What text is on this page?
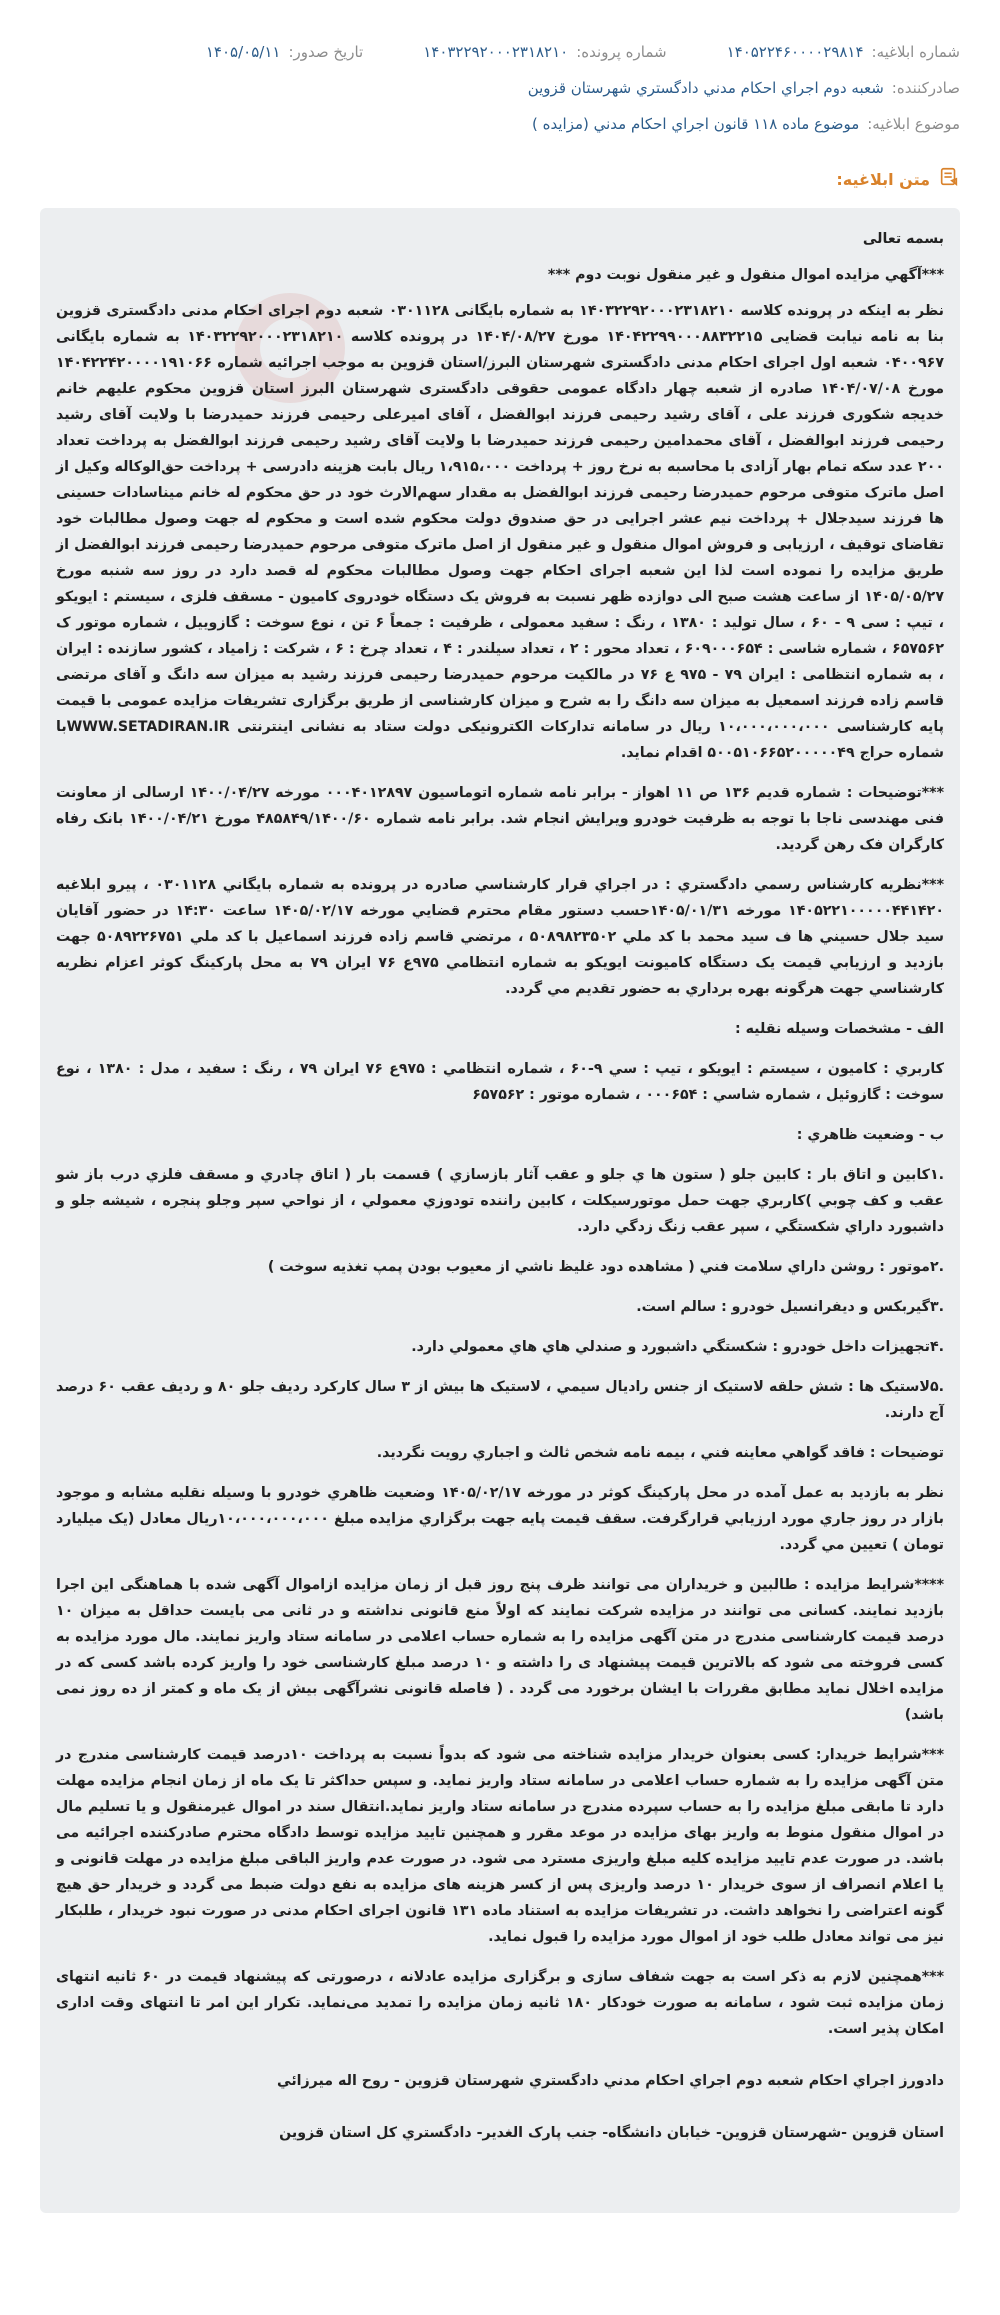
شماره ابلاغيه:
۱۴۰۵۲۲۴۶۰۰۰۰۲۹۸۱۴
شماره پرونده:
۱۴۰۳۲۲۹۲۰۰۰۲۳۱۸۲۱۰
تاريخ صدور:
۱۴۰۵/۰۵/۱۱
صادرکننده:
شعبه دوم اجراي احکام مدني دادگستري شهرستان قزوين
موضوع ابلاغيه:
موضوع ماده ۱۱۸ قانون اجراي احکام مدني (مزايده )
متن ابلاغيه:

بسمه تعالی

***آگهي مزايده اموال منقول و غير منقول نوبت دوم ***

نظر به اینکه در پرونده کلاسه ۱۴۰۳۲۲۹۲۰۰۰۲۳۱۸۲۱۰ به شماره بایگانی ۰۳۰۱۱۲۸ شعبه دوم اجرای احکام مدنی دادگستری قزوین بنا به نامه نیابت قضایی ۱۴۰۴۲۲۹۹۰۰۰۸۸۳۲۲۱۵ مورخ ۱۴۰۴/۰۸/۲۷ در پرونده کلاسه ۱۴۰۳۲۲۹۲۰۰۰۲۳۱۸۲۱۰ به شماره بایگانی ۰۴۰۰۹۶۷ شعبه اول اجرای احکام مدنی دادگستری شهرستان البرز/استان قزوین به موجب اجرائیه شماره ۱۴۰۴۲۲۴۲۰۰۰۰۱۹۱۰۶۶ مورخ ۱۴۰۴/۰۷/۰۸ صادره از شعبه چهار دادگاه عمومی حقوقی دادگستری شهرستان البرز استان قزوین محکوم علیهم خانم خدیجه شکوری فرزند علی ، آقای رشید رحیمی فرزند ابوالفضل ، آقای امیرعلی رحیمی فرزند حمیدرضا با ولایت آقای رشید رحیمی فرزند ابوالفضل ، آقای محمدامین رحیمی فرزند حمیدرضا با ولایت آقای رشید رحیمی فرزند ابوالفضل به پرداخت تعداد ۲۰۰ عدد سکه تمام بهار آزادی با محاسبه به نرخ روز + پرداخت ۱،۹۱۵،۰۰۰ ریال بابت هزینه دادرسی + پرداخت حق‌الوکاله وکیل از اصل ماترک متوفی مرحوم حمیدرضا رحیمی فرزند ابوالفضل به مقدار سهم‌الارث خود در حق محکوم له خانم میناسادات حسینی ها فرزند سیدجلال + پرداخت نیم عشر اجرایی در حق صندوق دولت محکوم شده است و محکوم له جهت وصول مطالبات خود تقاضای توقیف ، ارزیابی و فروش اموال منقول و غیر منقول از اصل ماترک متوفی مرحوم حمیدرضا رحیمی فرزند ابوالفضل از طریق مزایده را نموده است لذا این شعبه اجرای احکام جهت وصول مطالبات محکوم له قصد دارد در روز سه شنبه مورخ ۱۴۰۵/۰۵/۲۷ از ساعت هشت صبح الی دوازده ظهر نسبت به فروش یک دستگاه خودروی کامیون - مسقف فلزی ، سیستم : ایویکو ، تیپ : سی ۹ - ۶۰ ، سال تولید : ۱۳۸۰ ، رنگ : سفید معمولی ، ظرفیت : جمعاً ۶ تن ، نوع سوخت : گازوییل ، شماره موتور ک ۶۵۷۵۶۲ ، شماره شاسی : ۶۰۹۰۰۰۶۵۴ ، تعداد محور : ۲ ، تعداد سیلندر : ۴ ، تعداد چرخ : ۶ ، شرکت : زامیاد ، کشور سازنده : ایران ، به شماره انتظامی : ایران ۷۹ - ۹۷۵ ع ۷۶ در مالکیت مرحوم حمیدرضا رحیمی فرزند رشید به میزان سه دانگ و آقای مرتضی قاسم زاده فرزند اسمعیل به میزان سه دانگ را به شرح و میزان کارشناسی از طریق برگزاری تشریفات مزایده عمومی با قیمت پایه کارشناسی ۱۰،۰۰۰،۰۰۰،۰۰۰ ریال در سامانه تدارکات الکترونیکی دولت ستاد به نشانی اینترنتی WWW.SETADIRAN.IRبا شماره حراج ۵۰۰۵۱۰۶۶۵۲۰۰۰۰۰۴۹ اقدام نماید.

***توضیحات : شماره قدیم ۱۳۶ ص ۱۱ اهواز - برابر نامه شماره اتوماسیون ۰۰۰۴۰۱۲۸۹۷ مورخه ۱۴۰۰/۰۴/۲۷ ارسالی از معاونت فنی مهندسی ناجا با توجه به ظرفیت خودرو ویرایش انجام شد. برابر نامه شماره ۴۸۵۸۴۹/۱۴۰۰/۶۰ مورخ ۱۴۰۰/۰۴/۲۱ بانک رفاه کارگران فک رهن گردید.

***نظريه کارشناس رسمي دادگستري : در اجراي قرار کارشناسي صادره در پرونده به شماره بايگاني ۰۳۰۱۱۲۸ ، پيرو ابلاغيه ۱۴۰۵۲۲۱۰۰۰۰۰۴۴۱۴۲۰ مورخه ۱۴۰۵/۰۱/۳۱حسب دستور مقام محترم قضايي مورخه ۱۴۰۵/۰۲/۱۷ ساعت ۱۴:۳۰ در حضور آقايان سيد جلال حسيني ها ف سيد محمد با کد ملي ۵۰۸۹۸۲۳۵۰۲ ، مرتضي قاسم زاده فرزند اسماعيل با کد ملي ۵۰۸۹۲۲۶۷۵۱ جهت بازديد و ارزيابي قيمت يک دستگاه کاميونت ايويکو به شماره انتظامي ۹۷۵ع ۷۶ ايران ۷۹ به محل پارکينگ کوثر اعزام نظريه کارشناسي جهت هرگونه بهره برداري به حضور تقديم مي گردد.

الف - مشخصات وسيله نقليه :

کاربري : کاميون ، سيستم : ايويکو ، تيپ : سي ۹-۶۰ ، شماره انتظامي : ۹۷۵ع ۷۶ ايران ۷۹ ، رنگ : سفيد ، مدل : ۱۳۸۰ ، نوع سوخت : گازوئيل ، شماره شاسي : ۰۰۰۶۵۴ ، شماره موتور : ۶۵۷۵۶۲

ب - وضعيت ظاهري :

.۱کابين و اتاق بار : کابين جلو ( ستون ها ي جلو و عقب آثار بازسازي ) قسمت بار ( اتاق چادري و مسقف فلزي درب باز شو عقب و کف چوبي )کاربري جهت حمل موتورسيکلت ، کابين راننده تودوزي معمولي ، از نواحي سپر وجلو پنجره ، شيشه جلو و داشبورد داراي شکستگي ، سپر عقب زنگ زدگي دارد.

.۲موتور : روشن داراي سلامت فني ( مشاهده دود غليظ ناشي از معيوب بودن پمپ تغذيه سوخت )

.۳گيربکس و ديفرانسيل خودرو : سالم است.

.۴تجهيزات داخل خودرو : شکستگي داشبورد و صندلي هاي هاي معمولي دارد.

.۵لاستيک ها : شش حلقه لاستيک از جنس راديال سيمي ، لاستيک ها بيش از ۳ سال کارکرد رديف جلو ۸۰ و رديف عقب ۶۰ درصد آج دارند.

توضيحات : فاقد گواهي معاينه فني ، بيمه نامه شخص ثالث و اجباري رويت نگرديد.

نظر به بازديد به عمل آمده در محل پارکينگ کوثر در مورخه ۱۴۰۵/۰۲/۱۷ وضعيت ظاهري خودرو با وسيله نقليه مشابه و موجود بازار در روز جاري مورد ارزيابي قرارگرفت. سقف قيمت پايه جهت برگزاري مزايده مبلغ ۱۰،۰۰۰،۰۰۰،۰۰۰ريال معادل (يک ميليارد تومان ) تعيين مي گردد.

****شرایط مزایده : طالبین و خریداران می توانند ظرف پنج روز قبل از زمان مزایده ازاموال آگهی شده با هماهنگی این اجرا بازدید نمایند. کسانی می توانند در مزایده شرکت نمایند که اولاً منع قانونی نداشته و در ثانی می بایست حداقل به میزان ۱۰ درصد قیمت کارشناسی مندرج در متن آگهی مزایده را به شماره حساب اعلامی در سامانه ستاد واریز نمایند. مال مورد مزایده به کسی فروخته می شود که بالاترین قیمت پیشنهاد ی را داشته و ۱۰ درصد مبلغ کارشناسی خود را واریز کرده باشد کسی که در مزایده اخلال نماید مطابق مقررات با ایشان برخورد می گردد . ( فاصله قانونی نشرآگهی بیش از یک ماه و کمتر از ده روز نمی باشد)

***شرایط خریدار: کسی بعنوان خریدار مزایده شناخته می شود که بدواً نسبت به پرداخت ۱۰درصد قیمت کارشناسی مندرج در متن آگهی مزایده را به شماره حساب اعلامی در سامانه ستاد واریز نماید. و سپس حداکثر تا یک ماه از زمان انجام مزایده مهلت دارد تا مابقی مبلغ مزایده را به حساب سپرده مندرج در سامانه ستاد واریز نماید.انتقال سند در اموال غیرمنقول و یا تسلیم مال در اموال منقول منوط به واریز بهای مزایده در موعد مقرر و همچنین تایید مزایده توسط دادگاه محترم صادرکننده اجرائیه می باشد. در صورت عدم تایید مزایده کلیه مبلغ واریزی مسترد می شود. در صورت عدم واریز الباقی مبلغ مزایده در مهلت قانونی و یا اعلام انصراف از سوی خریدار ۱۰ درصد واریزی پس از کسر هزینه های مزایده به نفع دولت ضبط می گردد و خریدار حق هیچ گونه اعتراضی را نخواهد داشت. در تشریفات مزایده به استناد ماده ۱۳۱ قانون اجرای احکام مدنی در صورت نبود خریدار ، طلبکار نیز می تواند معادل طلب خود از اموال مورد مزایده را قبول نماید.

***همچنین لازم به ذکر است به جهت شفاف سازی و برگزاری مزایده عادلانه ، درصورتی که پیشنهاد قیمت در ۶۰ ثانیه انتهای زمان مزایده ثبت شود ، سامانه به صورت خودکار ۱۸۰ ثانیه زمان مزایده را تمدید می‌نماید. تکرار این امر تا انتهای وقت اداری امکان پذیر است.

دادورز اجراي احکام شعبه دوم اجراي احکام مدني دادگستري شهرستان قزوين - روح اله ميرزائي

استان قزوين -شهرستان قزوين- خيابان دانشگاه- جنب پارک الغدير- دادگستري کل استان قزوين
